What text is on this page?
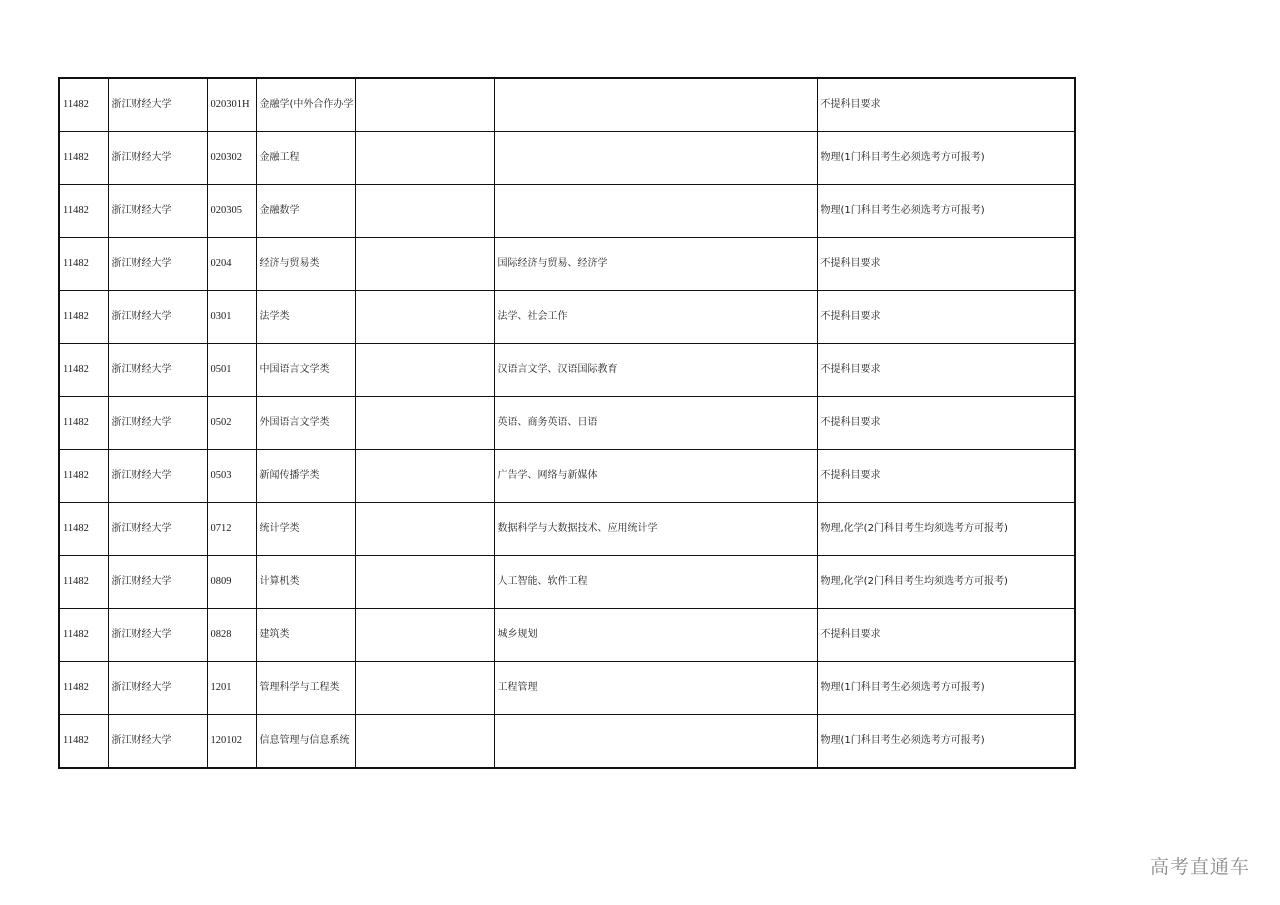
11482	浙江财经大学	020301H	金融学(中外合作办学			不提科目要求
11482	浙江财经大学	020302	金融工程			物理(1门科目考生必须选考方可报考)
11482	浙江财经大学	020305	金融数学			物理(1门科目考生必须选考方可报考)
11482	浙江财经大学	0204	经济与贸易类		国际经济与贸易、经济学	不提科目要求
11482	浙江财经大学	0301	法学类		法学、社会工作	不提科目要求
11482	浙江财经大学	0501	中国语言文学类		汉语言文学、汉语国际教育	不提科目要求
11482	浙江财经大学	0502	外国语言文学类		英语、商务英语、日语	不提科目要求
11482	浙江财经大学	0503	新闻传播学类		广告学、网络与新媒体	不提科目要求
11482	浙江财经大学	0712	统计学类		数据科学与大数据技术、应用统计学	物理,化学(2门科目考生均须选考方可报考)
11482	浙江财经大学	0809	计算机类		人工智能、软件工程	物理,化学(2门科目考生均须选考方可报考)
11482	浙江财经大学	0828	建筑类		城乡规划	不提科目要求
11482	浙江财经大学	1201	管理科学与工程类		工程管理	物理(1门科目考生必须选考方可报考)
11482	浙江财经大学	120102	信息管理与信息系统			物理(1门科目考生必须选考方可报考)
高考直通车
